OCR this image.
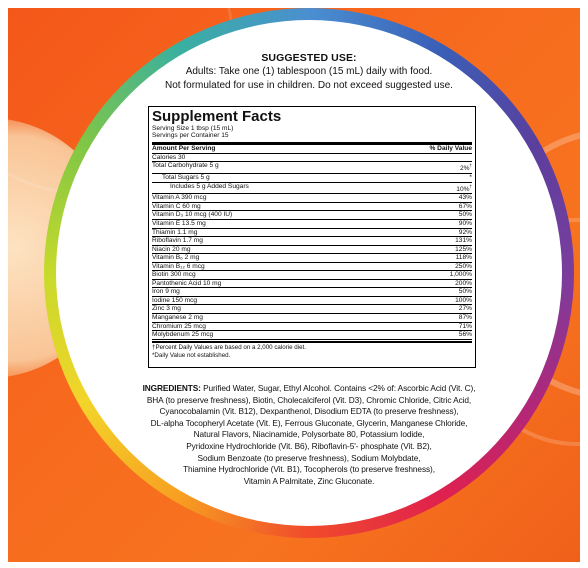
SUGGESTED USE:
Adults: Take one (1) tablespoon (15 mL) daily with food.
Not formulated for use in children. Do not exceed suggested use.
Supplement Facts
Serving Size 1 tbsp (15 mL)
Servings per Container 15
Amount Per Serving	% Daily Value
Calories 30
Total Carbohydrate 5 g	2%†
Total Sugars 5 g	*
Includes 5 g Added Sugars	10%†
Vitamin A 390 mcg	43%
Vitamin C 60 mg	67%
Vitamin D₃ 10 mcg (400 IU)	50%
Vitamin E 13.5 mg	90%
Thiamin 1.1 mg	92%
Riboflavin 1.7 mg	131%
Niacin 20 mg	125%
Vitamin B₆ 2 mg	118%
Vitamin B₁₂ 6 mcg	250%
Biotin 300 mcg	1,000%
Pantothenic Acid 10 mg	200%
Iron 9 mg	50%
Iodine 150 mcg	100%
Zinc 3 mg	27%
Manganese 2 mg	87%
Chromium 25 mcg	71%
Molybdenum 25 mcg	56%
†Percent Daily Values are based on a 2,000 calorie diet.
*Daily Value not established.
INGREDIENTS: Purified Water, Sugar, Ethyl Alcohol. Contains <2% of: Ascorbic Acid (Vit. C),
BHA (to preserve freshness), Biotin, Cholecalciferol (Vit. D3), Chromic Chloride, Citric Acid,
Cyanocobalamin (Vit. B12), Dexpanthenol, Disodium EDTA (to preserve freshness),
DL-alpha Tocopheryl Acetate (Vit. E), Ferrous Gluconate, Glycerin, Manganese Chloride,
Natural Flavors, Niacinamide, Polysorbate 80, Potassium Iodide,
Pyridoxine Hydrochloride (Vit. B6), Riboflavin-5'- phosphate (Vit. B2),
Sodium Benzoate (to preserve freshness), Sodium Molybdate,
Thiamine Hydrochloride (Vit. B1), Tocopherols (to preserve freshness),
Vitamin A Palmitate, Zinc Gluconate.
